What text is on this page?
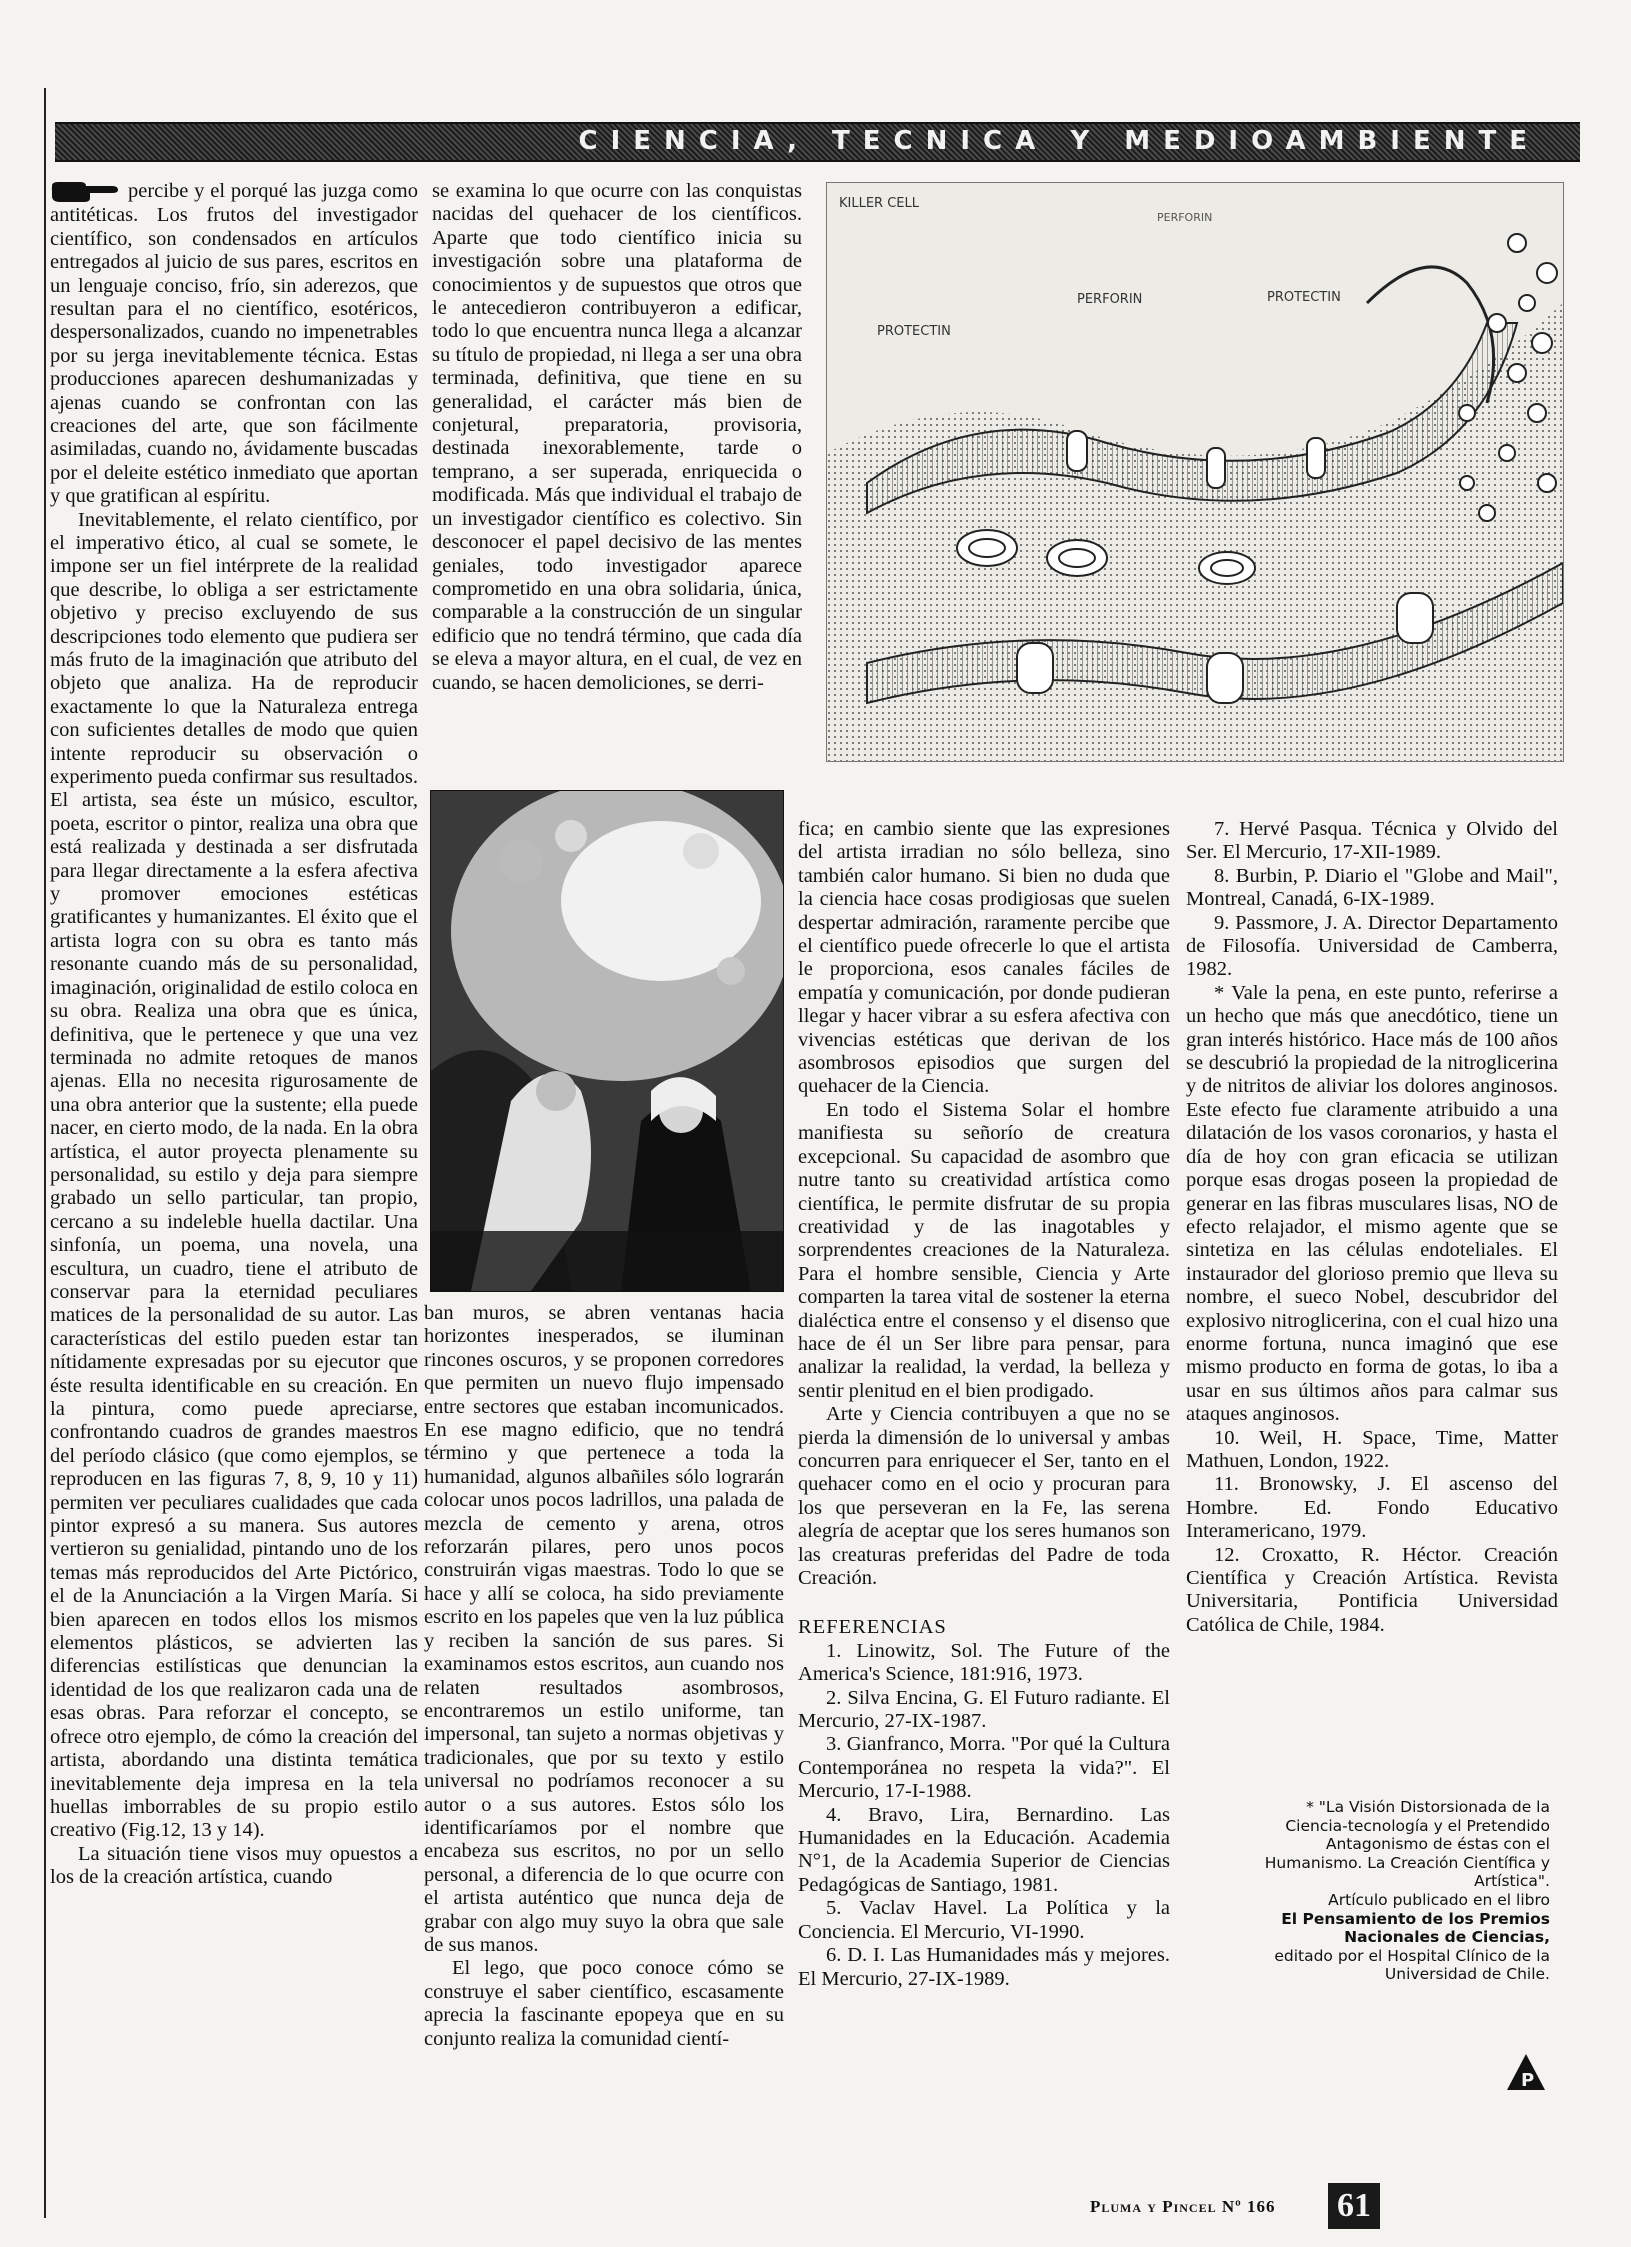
CIENCIA, TECNICA Y MEDIOAMBIENTE

percibe y el porqué las juzga como antitéticas. Los frutos del investigador científico, son condensados en artículos entregados al juicio de sus pares, escritos en un lenguaje conciso, frío, sin aderezos, que resultan para el no científico, esotéricos, despersonalizados, cuando no impenetrables por su jerga inevitablemente técnica. Estas producciones aparecen deshumanizadas y ajenas cuando se confrontan con las creaciones del arte, que son fácilmente asimiladas, cuando no, ávidamente buscadas por el deleite estético inmediato que aportan y que gratifican al espíritu.

Inevitablemente, el relato científico, por el imperativo ético, al cual se somete, le impone ser un fiel intérprete de la realidad que describe, lo obliga a ser estrictamente objetivo y preciso excluyendo de sus descripciones todo elemento que pudiera ser más fruto de la imaginación que atributo del objeto que analiza. Ha de reproducir exactamente lo que la Naturaleza entrega con suficientes detalles de modo que quien intente reproducir su observación o experimento pueda confirmar sus resultados. El artista, sea éste un músico, escultor, poeta, escritor o pintor, realiza una obra que está realizada y destinada a ser disfrutada para llegar directamente a la esfera afectiva y promover emociones estéticas gratificantes y humanizantes. El éxito que el artista logra con su obra es tanto más resonante cuando más de su personalidad, imaginación, originalidad de estilo coloca en su obra. Realiza una obra que es única, definitiva, que le pertenece y que una vez terminada no admite retoques de manos ajenas. Ella no necesita rigurosamente de una obra anterior que la sustente; ella puede nacer, en cierto modo, de la nada. En la obra artística, el autor proyecta plenamente su personalidad, su estilo y deja para siempre grabado un sello particular, tan propio, cercano a su indeleble huella dactilar. Una sinfonía, un poema, una novela, una escultura, un cuadro, tiene el atributo de conservar para la eternidad peculiares matices de la personalidad de su autor. Las características del estilo pueden estar tan nítidamente expresadas por su ejecutor que éste resulta identificable en su creación. En la pintura, como puede apreciarse, confrontando cuadros de grandes maestros del período clásico (que como ejemplos, se reproducen en las figuras 7, 8, 9, 10 y 11) permiten ver peculiares cualidades que cada pintor expresó a su manera. Sus autores vertieron su genialidad, pintando uno de los temas más reproducidos del Arte Pictórico, el de la Anunciación a la Virgen María. Si bien aparecen en todos ellos los mismos elementos plásticos, se advierten las diferencias estilísticas que denuncian la identidad de los que realizaron cada una de esas obras. Para reforzar el concepto, se ofrece otro ejemplo, de cómo la creación del artista, abordando una distinta temática inevitablemente deja impresa en la tela huellas imborrables de su propio estilo creativo (Fig.12, 13 y 14).

La situación tiene visos muy opuestos a los de la creación artística, cuando

se examina lo que ocurre con las conquistas nacidas del quehacer de los científicos. Aparte que todo científico inicia su investigación sobre una plataforma de conocimientos y de supuestos que otros que le antecedieron contribuyeron a edificar, todo lo que encuentra nunca llega a alcanzar su título de propiedad, ni llega a ser una obra terminada, definitiva, que tiene en su generalidad, el carácter más bien de conjetural, preparatoria, provisoria, destinada inexorablemente, tarde o temprano, a ser superada, enriquecida o modificada. Más que individual el trabajo de un investigador científico es colectivo. Sin desconocer el papel decisivo de las mentes geniales, todo investigador aparece comprometido en una obra solidaria, única, comparable a la construcción de un singular edificio que no tendrá término, que cada día se eleva a mayor altura, en el cual, de vez en cuando, se hacen demoliciones, se derri-

KILLER CELL
PERFORIN
PERFORIN	PROTECTIN
PROTECTIN

ban muros, se abren ventanas hacia horizontes inesperados, se iluminan rincones oscuros, y se proponen corredores que permiten un nuevo flujo impensado entre sectores que estaban incomunicados. En ese magno edificio, que no tendrá término y que pertenece a toda la humanidad, algunos albañiles sólo lograrán colocar unos pocos ladrillos, una palada de mezcla de cemento y arena, otros reforzarán pilares, pero unos pocos construirán vigas maestras. Todo lo que se hace y allí se coloca, ha sido previamente escrito en los papeles que ven la luz pública y reciben la sanción de sus pares. Si examinamos estos escritos, aun cuando nos relaten resultados asombrosos, encontraremos un estilo uniforme, tan impersonal, tan sujeto a normas objetivas y tradicionales, que por su texto y estilo universal no podríamos reconocer a su autor o a sus autores. Estos sólo los identificaríamos por el nombre que encabeza sus escritos, no por un sello personal, a diferencia de lo que ocurre con el artista auténtico que nunca deja de grabar con algo muy suyo la obra que sale de sus manos.

El lego, que poco conoce cómo se construye el saber científico, escasamente aprecia la fascinante epopeya que en su conjunto realiza la comunidad cientí-

fica; en cambio siente que las expresiones del artista irradian no sólo belleza, sino también calor humano. Si bien no duda que la ciencia hace cosas prodigiosas que suelen despertar admiración, raramente percibe que el científico puede ofrecerle lo que el artista le proporciona, esos canales fáciles de empatía y comunicación, por donde pudieran llegar y hacer vibrar a su esfera afectiva con vivencias estéticas que derivan de los asombrosos episodios que surgen del quehacer de la Ciencia.

En todo el Sistema Solar el hombre manifiesta su señorío de creatura excepcional. Su capacidad de asombro que nutre tanto su creatividad artística como científica, le permite disfrutar de su propia creatividad y de las inagotables y sorprendentes creaciones de la Naturaleza. Para el hombre sensible, Ciencia y Arte comparten la tarea vital de sostener la eterna dialéctica entre el consenso y el disenso que hace de él un Ser libre para pensar, para analizar la realidad, la verdad, la belleza y sentir plenitud en el bien prodigado.

Arte y Ciencia contribuyen a que no se pierda la dimensión de lo universal y ambas concurren para enriquecer el Ser, tanto en el quehacer como en el ocio y procuran para los que perseveran en la Fe, las serena alegría de aceptar que los seres humanos son las creaturas preferidas del Padre de toda Creación.

REFERENCIAS

1. Linowitz, Sol. The Future of the America's Science, 181:916, 1973.

2. Silva Encina, G. El Futuro radiante. El Mercurio, 27-IX-1987.

3. Gianfranco, Morra. "Por qué la Cultura Contemporánea no respeta la vida?". El Mercurio, 17-I-1988.

4. Bravo, Lira, Bernardino. Las Humanidades en la Educación. Academia N°1, de la Academia Superior de Ciencias Pedagógicas de Santiago, 1981.

5. Vaclav Havel. La Política y la Conciencia. El Mercurio, VI-1990.

6. D. I. Las Humanidades más y mejores. El Mercurio, 27-IX-1989.

7. Hervé Pasqua. Técnica y Olvido del Ser. El Mercurio, 17-XII-1989.

8. Burbin, P. Diario el "Globe and Mail", Montreal, Canadá, 6-IX-1989.

9. Passmore, J. A. Director Departamento de Filosofía. Universidad de Camberra, 1982.

* Vale la pena, en este punto, referirse a un hecho que más que anecdótico, tiene un gran interés histórico. Hace más de 100 años se descubrió la propiedad de la nitroglicerina y de nitritos de aliviar los dolores anginosos. Este efecto fue claramente atribuido a una dilatación de los vasos coronarios, y hasta el día de hoy con gran eficacia se utilizan porque esas drogas poseen la propiedad de generar en las fibras musculares lisas, NO de efecto relajador, el mismo agente que se sintetiza en las células endoteliales. El instaurador del glorioso premio que lleva su nombre, el sueco Nobel, descubridor del explosivo nitroglicerina, con el cual hizo una enorme fortuna, nunca imaginó que ese mismo producto en forma de gotas, lo iba a usar en sus últimos años para calmar sus ataques anginosos.

10. Weil, H. Space, Time, Matter Mathuen, London, 1922.

11. Bronowsky, J. El ascenso del Hombre. Ed. Fondo Educativo Interamericano, 1979.

12. Croxatto, R. Héctor. Creación Científica y Creación Artística. Revista Universitaria, Pontificia Universidad Católica de Chile, 1984.

* "La Visión Distorsionada de la Ciencia-tecnología y el Pretendido Antagonismo de éstas con el Humanismo. La Creación Científica y Artística".
Artículo publicado en el libro
El Pensamiento de los Premios Nacionales de Ciencias,
editado por el Hospital Clínico de la Universidad de Chile.
P
Pluma y Pincel Nº 166 61
